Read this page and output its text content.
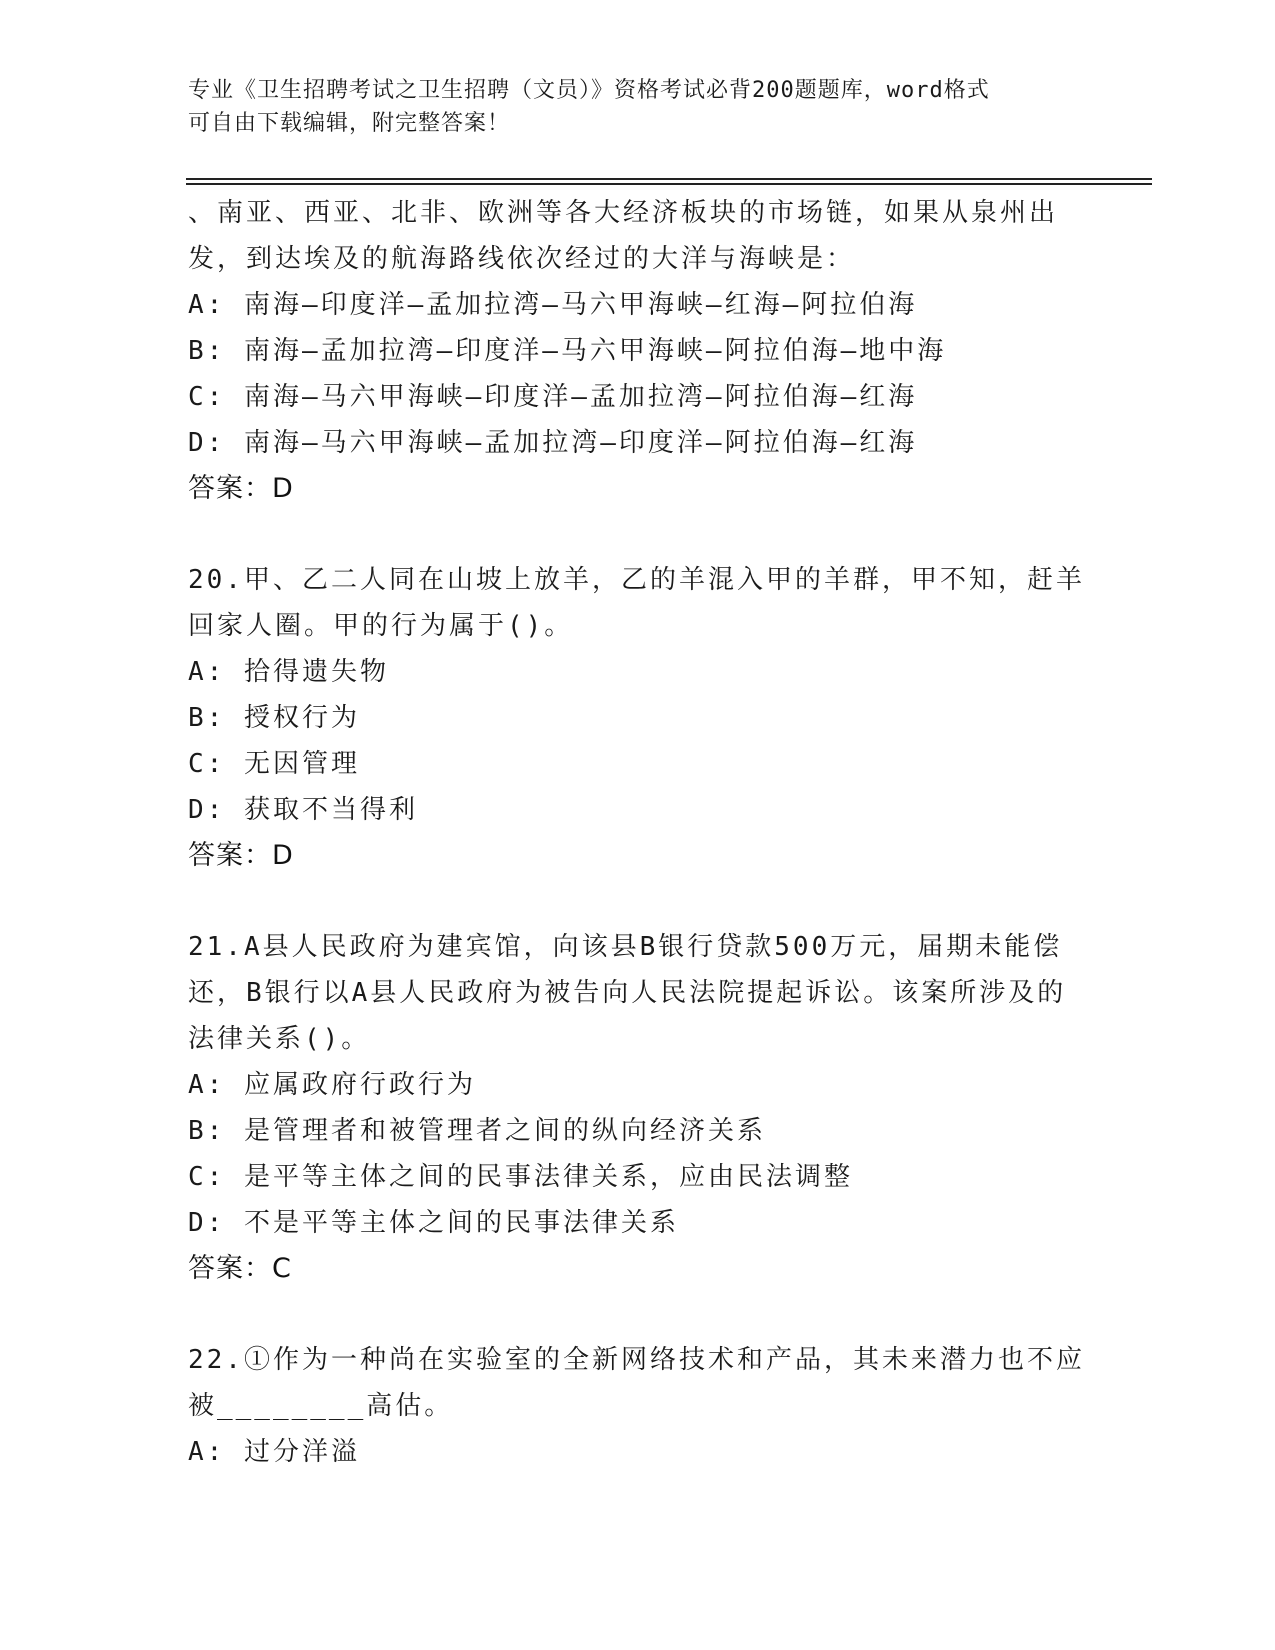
专业《卫生招聘考试之卫生招聘（文员）》资格考试必背200题题库，word格式
可自由下载编辑，附完整答案！
、南亚、西亚、北非、欧洲等各大经济板块的市场链，如果从泉州出
发，到达埃及的航海路线依次经过的大洋与海峡是：
A: 南海—印度洋—孟加拉湾—马六甲海峡—红海—阿拉伯海
B: 南海—孟加拉湾—印度洋—马六甲海峡—阿拉伯海—地中海
C: 南海—马六甲海峡—印度洋—孟加拉湾—阿拉伯海—红海
D: 南海—马六甲海峡—孟加拉湾—印度洋—阿拉伯海—红海
答案：D
20.甲、乙二人同在山坡上放羊，乙的羊混入甲的羊群，甲不知，赶羊
回家人圈。甲的行为属于()。
A: 拾得遗失物
B: 授权行为
C: 无因管理
D: 获取不当得利
答案：D
21.A县人民政府为建宾馆，向该县B银行贷款500万元，届期未能偿
还，B银行以A县人民政府为被告向人民法院提起诉讼。该案所涉及的
法律关系()。
A: 应属政府行政行为
B: 是管理者和被管理者之间的纵向经济关系
C: 是平等主体之间的民事法律关系，应由民法调整
D: 不是平等主体之间的民事法律关系
答案：C
22.①作为一种尚在实验室的全新网络技术和产品，其未来潜力也不应
被________高估。
A: 过分洋溢
